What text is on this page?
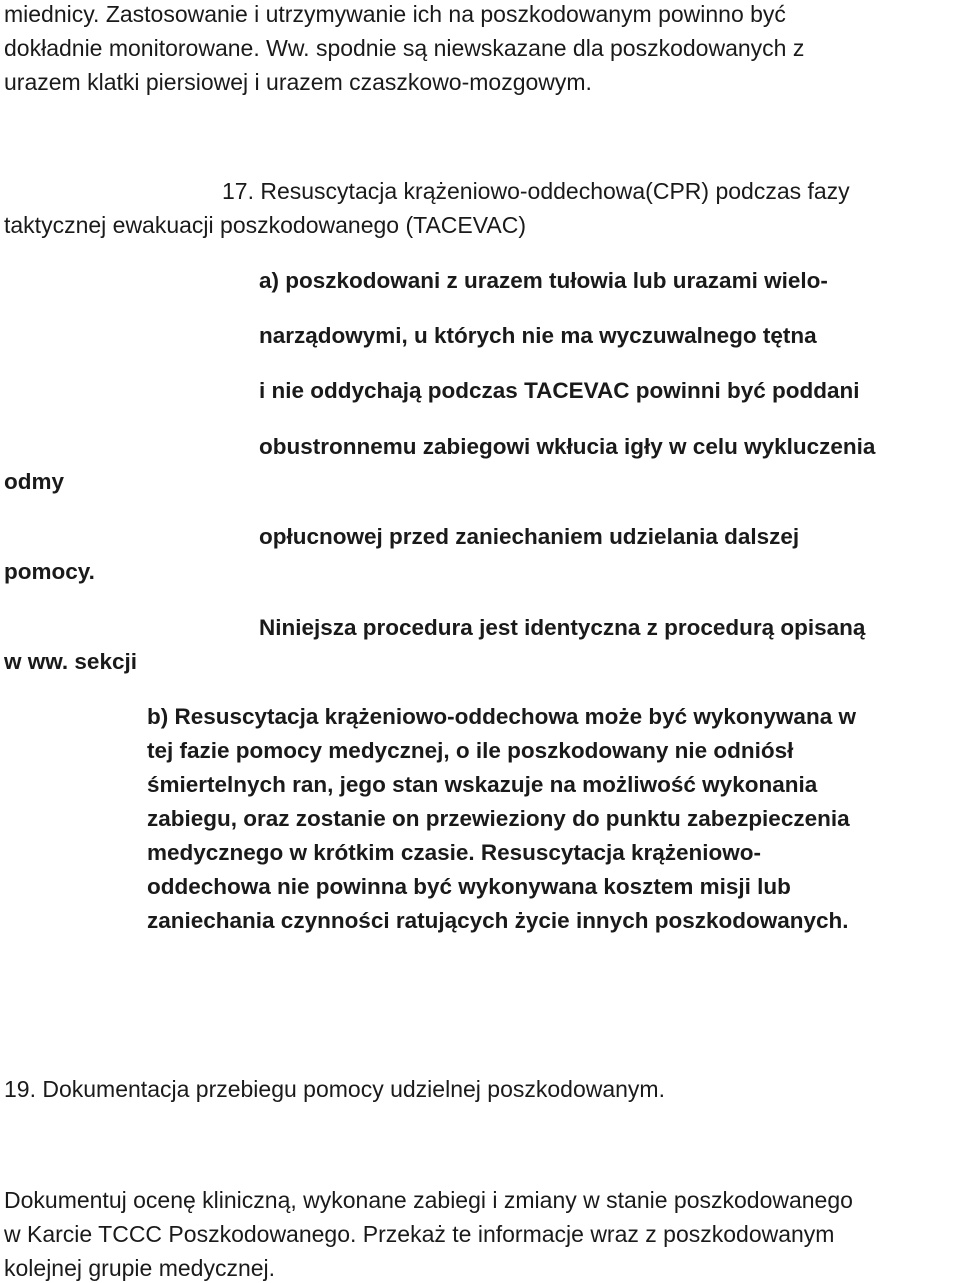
miednicy. Zastosowanie i utrzymywanie ich na poszkodowanym powinno być

dokładnie monitorowane. Ww. spodnie są niewskazane dla poszkodowanych z

urazem klatki piersiowej i urazem czaszkowo-mozgowym.

17. Resuscytacja krążeniowo-oddechowa(CPR) podczas fazy

taktycznej ewakuacji poszkodowanego (TACEVAC)

a) poszkodowani z urazem tułowia lub urazami wielo-

narządowymi, u których nie ma wyczuwalnego tętna

i nie oddychają podczas TACEVAC powinni być poddani

obustronnemu zabiegowi wkłucia igły w celu wykluczenia

opłucnowej przed zaniechaniem udzielania dalszej

Niniejsza procedura jest identyczna z procedurą opisaną

odmy

pomocy.

w ww. sekcji

b) Resuscytacja krążeniowo-oddechowa może być wykonywana w

tej fazie pomocy medycznej, o ile poszkodowany nie odniósł

śmiertelnych ran, jego stan wskazuje na możliwość wykonania

zabiegu, oraz zostanie on przewieziony do punktu zabezpieczenia

medycznego w krótkim czasie. Resuscytacja krążeniowo-

oddechowa nie powinna być wykonywana kosztem misji lub

zaniechania czynności ratujących życie innych poszkodowanych.

19. Dokumentacja przebiegu pomocy udzielnej poszkodowanym.

Dokumentuj ocenę kliniczną, wykonane zabiegi i zmiany w stanie poszkodowanego

w Karcie TCCC Poszkodowanego. Przekaż te informacje wraz z poszkodowanym

kolejnej grupie medycznej.
